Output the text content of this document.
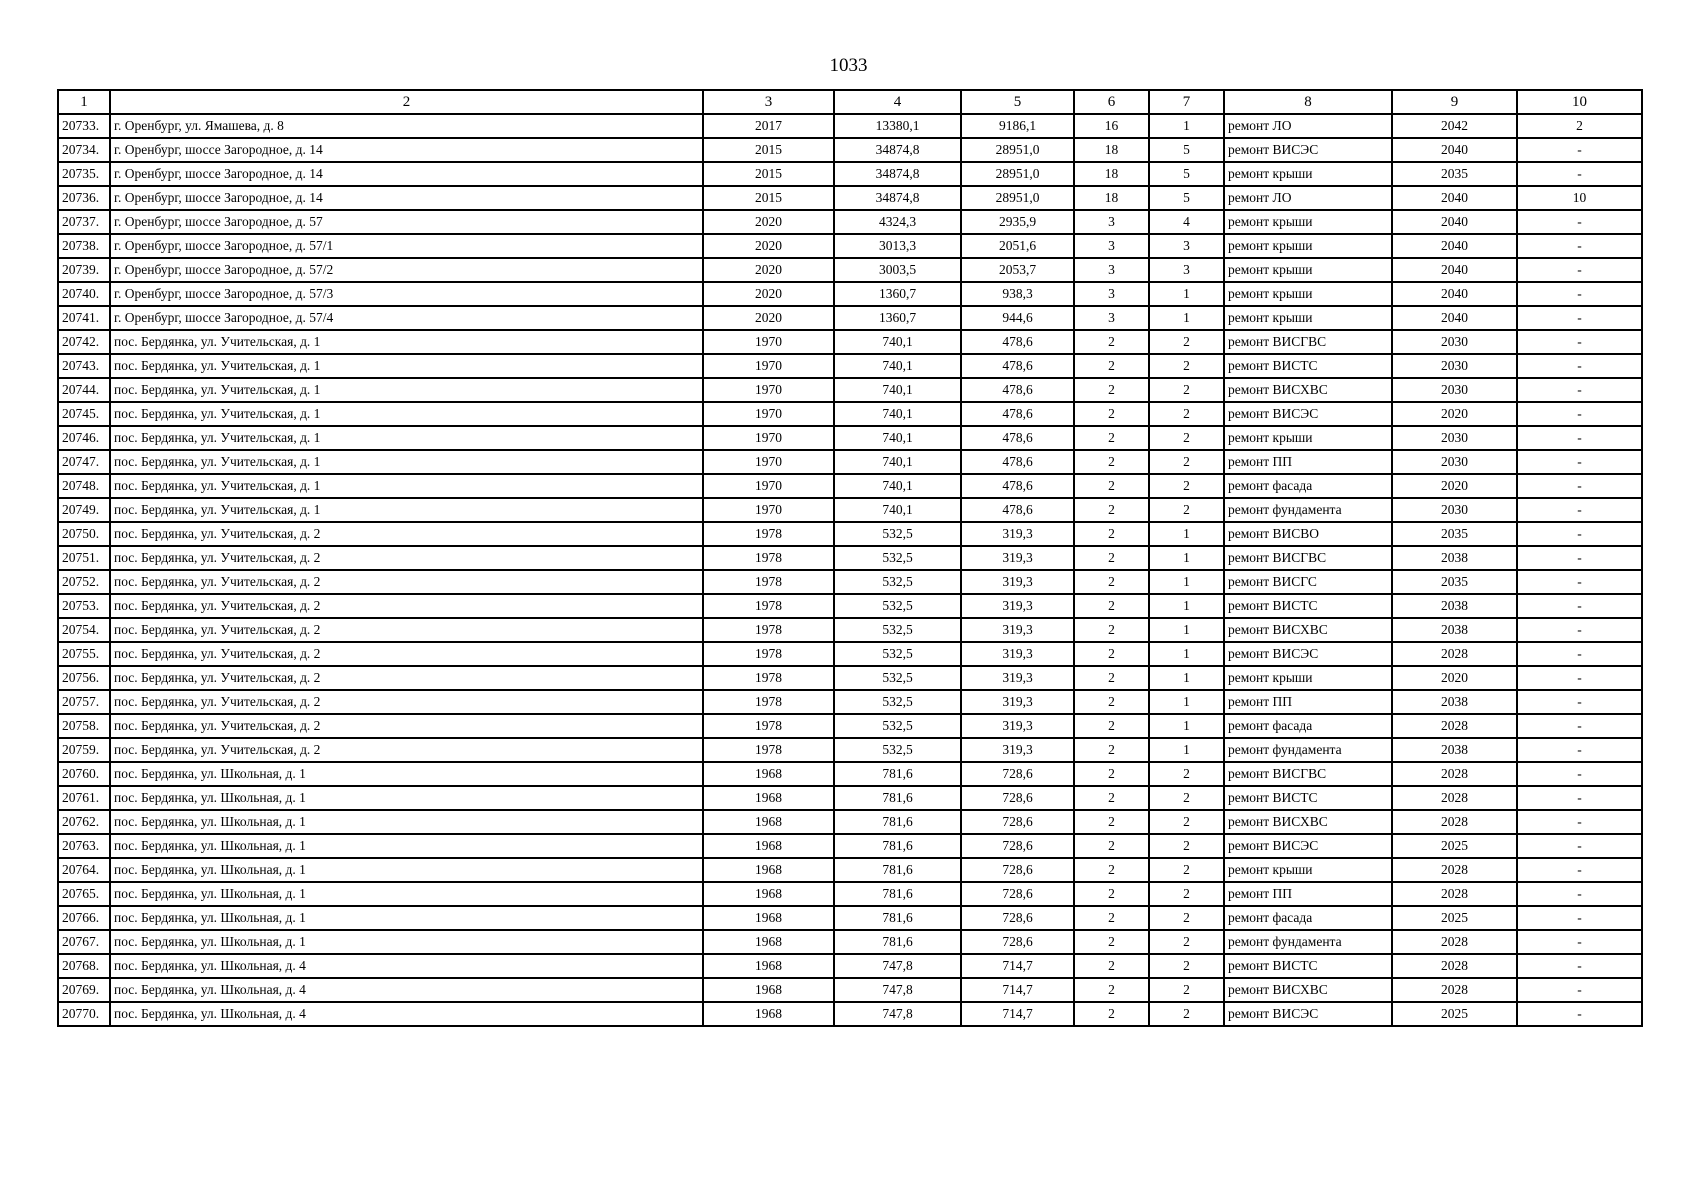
1033
1	2	3	4	5	6	7	8	9	10
20733.	г. Оренбург, ул. Ямашева, д. 8	2017	13380,1	9186,1	16	1	ремонт ЛО	2042	2
20734.	г. Оренбург, шоссе Загородное, д. 14	2015	34874,8	28951,0	18	5	ремонт ВИСЭС	2040	-
20735.	г. Оренбург, шоссе Загородное, д. 14	2015	34874,8	28951,0	18	5	ремонт крыши	2035	-
20736.	г. Оренбург, шоссе Загородное, д. 14	2015	34874,8	28951,0	18	5	ремонт ЛО	2040	10
20737.	г. Оренбург, шоссе Загородное, д. 57	2020	4324,3	2935,9	3	4	ремонт крыши	2040	-
20738.	г. Оренбург, шоссе Загородное, д. 57/1	2020	3013,3	2051,6	3	3	ремонт крыши	2040	-
20739.	г. Оренбург, шоссе Загородное, д. 57/2	2020	3003,5	2053,7	3	3	ремонт крыши	2040	-
20740.	г. Оренбург, шоссе Загородное, д. 57/3	2020	1360,7	938,3	3	1	ремонт крыши	2040	-
20741.	г. Оренбург, шоссе Загородное, д. 57/4	2020	1360,7	944,6	3	1	ремонт крыши	2040	-
20742.	пос. Бердянка, ул. Учительская, д. 1	1970	740,1	478,6	2	2	ремонт ВИСГВС	2030	-
20743.	пос. Бердянка, ул. Учительская, д. 1	1970	740,1	478,6	2	2	ремонт ВИСТС	2030	-
20744.	пос. Бердянка, ул. Учительская, д. 1	1970	740,1	478,6	2	2	ремонт ВИСХВС	2030	-
20745.	пос. Бердянка, ул. Учительская, д. 1	1970	740,1	478,6	2	2	ремонт ВИСЭС	2020	-
20746.	пос. Бердянка, ул. Учительская, д. 1	1970	740,1	478,6	2	2	ремонт крыши	2030	-
20747.	пос. Бердянка, ул. Учительская, д. 1	1970	740,1	478,6	2	2	ремонт ПП	2030	-
20748.	пос. Бердянка, ул. Учительская, д. 1	1970	740,1	478,6	2	2	ремонт фасада	2020	-
20749.	пос. Бердянка, ул. Учительская, д. 1	1970	740,1	478,6	2	2	ремонт фундамента	2030	-
20750.	пос. Бердянка, ул. Учительская, д. 2	1978	532,5	319,3	2	1	ремонт ВИСВО	2035	-
20751.	пос. Бердянка, ул. Учительская, д. 2	1978	532,5	319,3	2	1	ремонт ВИСГВС	2038	-
20752.	пос. Бердянка, ул. Учительская, д. 2	1978	532,5	319,3	2	1	ремонт ВИСГС	2035	-
20753.	пос. Бердянка, ул. Учительская, д. 2	1978	532,5	319,3	2	1	ремонт ВИСТС	2038	-
20754.	пос. Бердянка, ул. Учительская, д. 2	1978	532,5	319,3	2	1	ремонт ВИСХВС	2038	-
20755.	пос. Бердянка, ул. Учительская, д. 2	1978	532,5	319,3	2	1	ремонт ВИСЭС	2028	-
20756.	пос. Бердянка, ул. Учительская, д. 2	1978	532,5	319,3	2	1	ремонт крыши	2020	-
20757.	пос. Бердянка, ул. Учительская, д. 2	1978	532,5	319,3	2	1	ремонт ПП	2038	-
20758.	пос. Бердянка, ул. Учительская, д. 2	1978	532,5	319,3	2	1	ремонт фасада	2028	-
20759.	пос. Бердянка, ул. Учительская, д. 2	1978	532,5	319,3	2	1	ремонт фундамента	2038	-
20760.	пос. Бердянка, ул. Школьная, д. 1	1968	781,6	728,6	2	2	ремонт ВИСГВС	2028	-
20761.	пос. Бердянка, ул. Школьная, д. 1	1968	781,6	728,6	2	2	ремонт ВИСТС	2028	-
20762.	пос. Бердянка, ул. Школьная, д. 1	1968	781,6	728,6	2	2	ремонт ВИСХВС	2028	-
20763.	пос. Бердянка, ул. Школьная, д. 1	1968	781,6	728,6	2	2	ремонт ВИСЭС	2025	-
20764.	пос. Бердянка, ул. Школьная, д. 1	1968	781,6	728,6	2	2	ремонт крыши	2028	-
20765.	пос. Бердянка, ул. Школьная, д. 1	1968	781,6	728,6	2	2	ремонт ПП	2028	-
20766.	пос. Бердянка, ул. Школьная, д. 1	1968	781,6	728,6	2	2	ремонт фасада	2025	-
20767.	пос. Бердянка, ул. Школьная, д. 1	1968	781,6	728,6	2	2	ремонт фундамента	2028	-
20768.	пос. Бердянка, ул. Школьная, д. 4	1968	747,8	714,7	2	2	ремонт ВИСТС	2028	-
20769.	пос. Бердянка, ул. Школьная, д. 4	1968	747,8	714,7	2	2	ремонт ВИСХВС	2028	-
20770.	пос. Бердянка, ул. Школьная, д. 4	1968	747,8	714,7	2	2	ремонт ВИСЭС	2025	-
